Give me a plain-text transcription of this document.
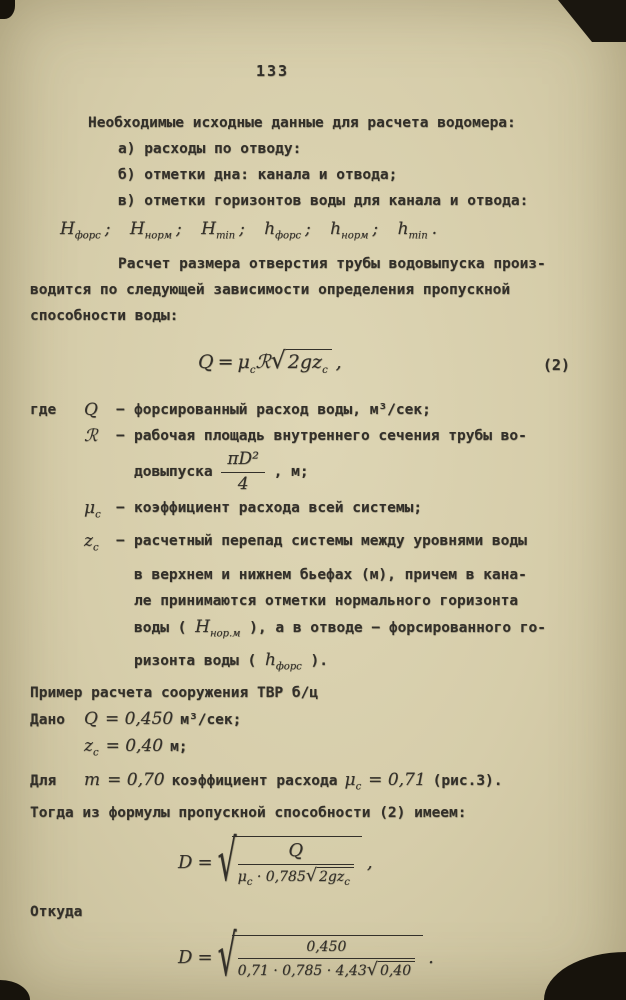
133

Необходимые исходные данные для расчета водомера:

а) расходы по отводу:

б) отметки дна: канала и отвода;

в) отметки горизонтов воды для канала и отвода:

$H_{форс}$ ; $H_{норм}$ ; $H_{min}$ ; $h_{форс}$ ; $h_{норм}$ ; $h_{min}$ .

Расчет размера отверстия трубы водовыпуска произ-

водится по следующей зависимости определения пропускной

способности воды:

$Q = \mu_cℛ√$ $2gz_c$ ,	(2)
где	Q	− форсированный расход воды, м³/сек;
ℛ	− рабочая площадь внутреннего сечения трубы во-

довыпуска $\frac{\text{πD²}}{4}$ , м;

$\mu_c$	− коэффициент расхода всей системы;
$z_c$	− расчетный перепад системы между уровнями воды

в верхнем и нижнем бьефах (м), причем в кана-

ле принимаются отметки нормального горизонта

воды ( $H_{нор.м}$ ), а в отводе − форсированного го-

ризонта воды ( $h_{форс}$ ).

Пример расчета сооружения ТВР б/ц

Дано	Q = 0,450 м³/сек;
$z_c = 0,40$ м;
Для	m = 0,70 коэффициент расхода $\mu_c = 0,71$ (рис.3).

Тогда из формулы пропускной способности (2) имеем:

D = √ $\frac{Q}{\mu_c \cdot 0,785√ 2gz_c}$ ,

Откуда

D = √ $\frac{0,450}{0,71 \cdot 0,785 \cdot 4,43√ 0,40}$ .
